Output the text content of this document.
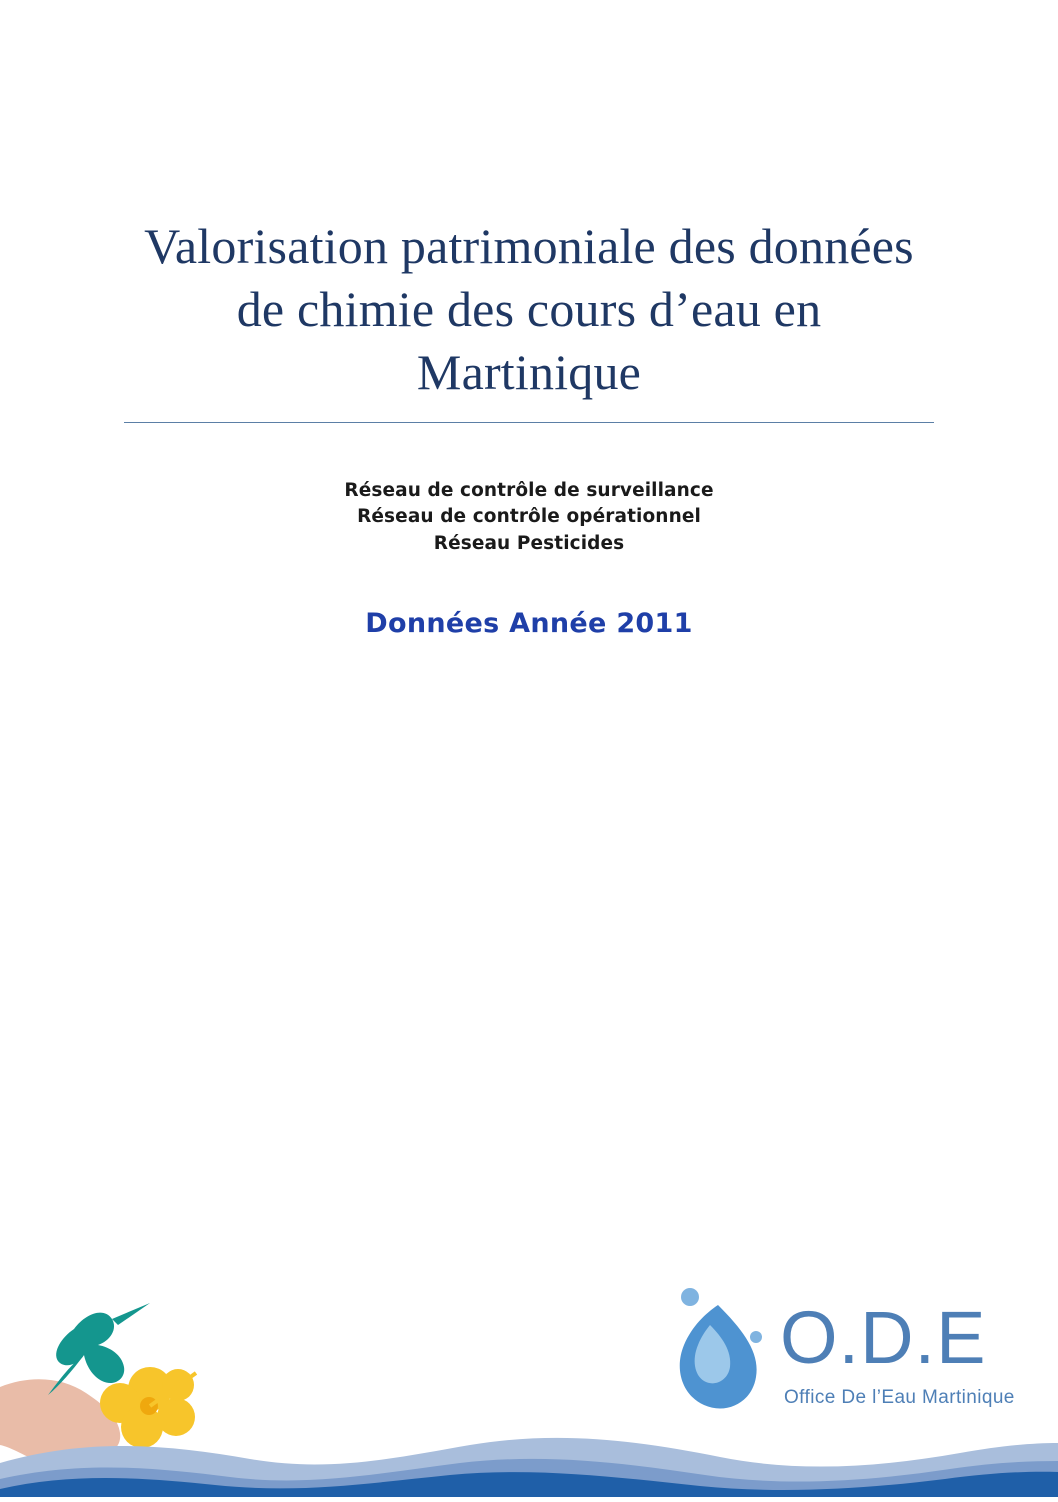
Valorisation patrimoniale des données
de chimie des cours d’eau en
Martinique
Réseau de contrôle de surveillance
Réseau de contrôle opérationnel
Réseau Pesticides
Données Année 2011
O.D.E
Office De l’Eau Martinique
